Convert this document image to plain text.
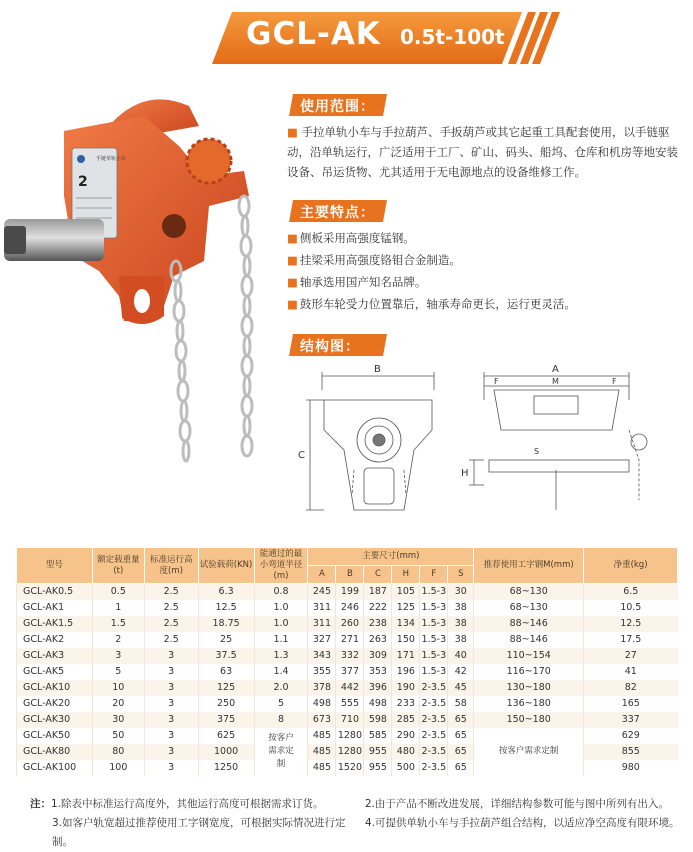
GCL-AK 0.5t-100t
手链单轨小车
2
使用范围：
■ 手拉单轨小车与手拉葫芦、手扳葫芦或其它起重工具配套使用，以手链驱动，沿单轨运行，广泛适用于工厂、矿山、码头、船坞、仓库和机房等地安装设备、吊运货物、尤其适用于无电源地点的设备维修工作。
主要特点：
■ 侧板采用高强度锰钢。
■ 挂梁采用高强度铬钼合金制造。
■ 轴承选用国产知名品牌。
■ 鼓形车轮受力位置靠后，轴承寿命更长，运行更灵活。
结构图：
B
C
A
F	M	F
H
S
型号	额定载重量(t)	标准运行高度(m)	试验载荷(KN)	能通过的最小弯道半径(m)	主要尺寸(mm)						推荐使用工字钢M(mm)	净重(kg)
					A	B	C	H	F	S		
GCL-AK0.5	0.5	2.5	6.3	0.8	245	199	187	105	1.5-3	30	68~130	6.5
GCL-AK1	1	2.5	12.5	1.0	311	246	222	125	1.5-3	38	68~130	10.5
GCL-AK1.5	1.5	2.5	18.75	1.0	311	260	238	134	1.5-3	38	88~146	12.5
GCL-AK2	2	2.5	25	1.1	327	271	263	150	1.5-3	38	88~146	17.5
GCL-AK3	3	3	37.5	1.3	343	332	309	171	1.5-3	40	110~154	27
GCL-AK5	5	3	63	1.4	355	377	353	196	1.5-3	42	116~170	41
GCL-AK10	10	3	125	2.0	378	442	396	190	2-3.5	45	130~180	82
GCL-AK20	20	3	250	5	498	555	498	233	2-3.5	58	136~180	165
GCL-AK30	30	3	375	8	673	710	598	285	2-3.5	65	150~180	337
GCL-AK50	50	3	625	按客户需求定制	485	1280	585	290	2-3.5	65	按客户需求定制	629
GCL-AK80	80	3	1000		485	1280	955	480	2-3.5	65		855
GCL-AK100	100	3	1250		485	1520	955	500	2-3.5	65		980
注：1.除表中标准运行高度外，其他运行高度可根据需求订货。	2.由于产品不断改进发展，详细结构参数可能与图中所列有出入。
3.如客户轨宽超过推荐使用工字钢宽度，可根据实际情况进行定制。
4.可提供单轨小车与手拉葫芦组合结构，以适应净空高度有限环境。
